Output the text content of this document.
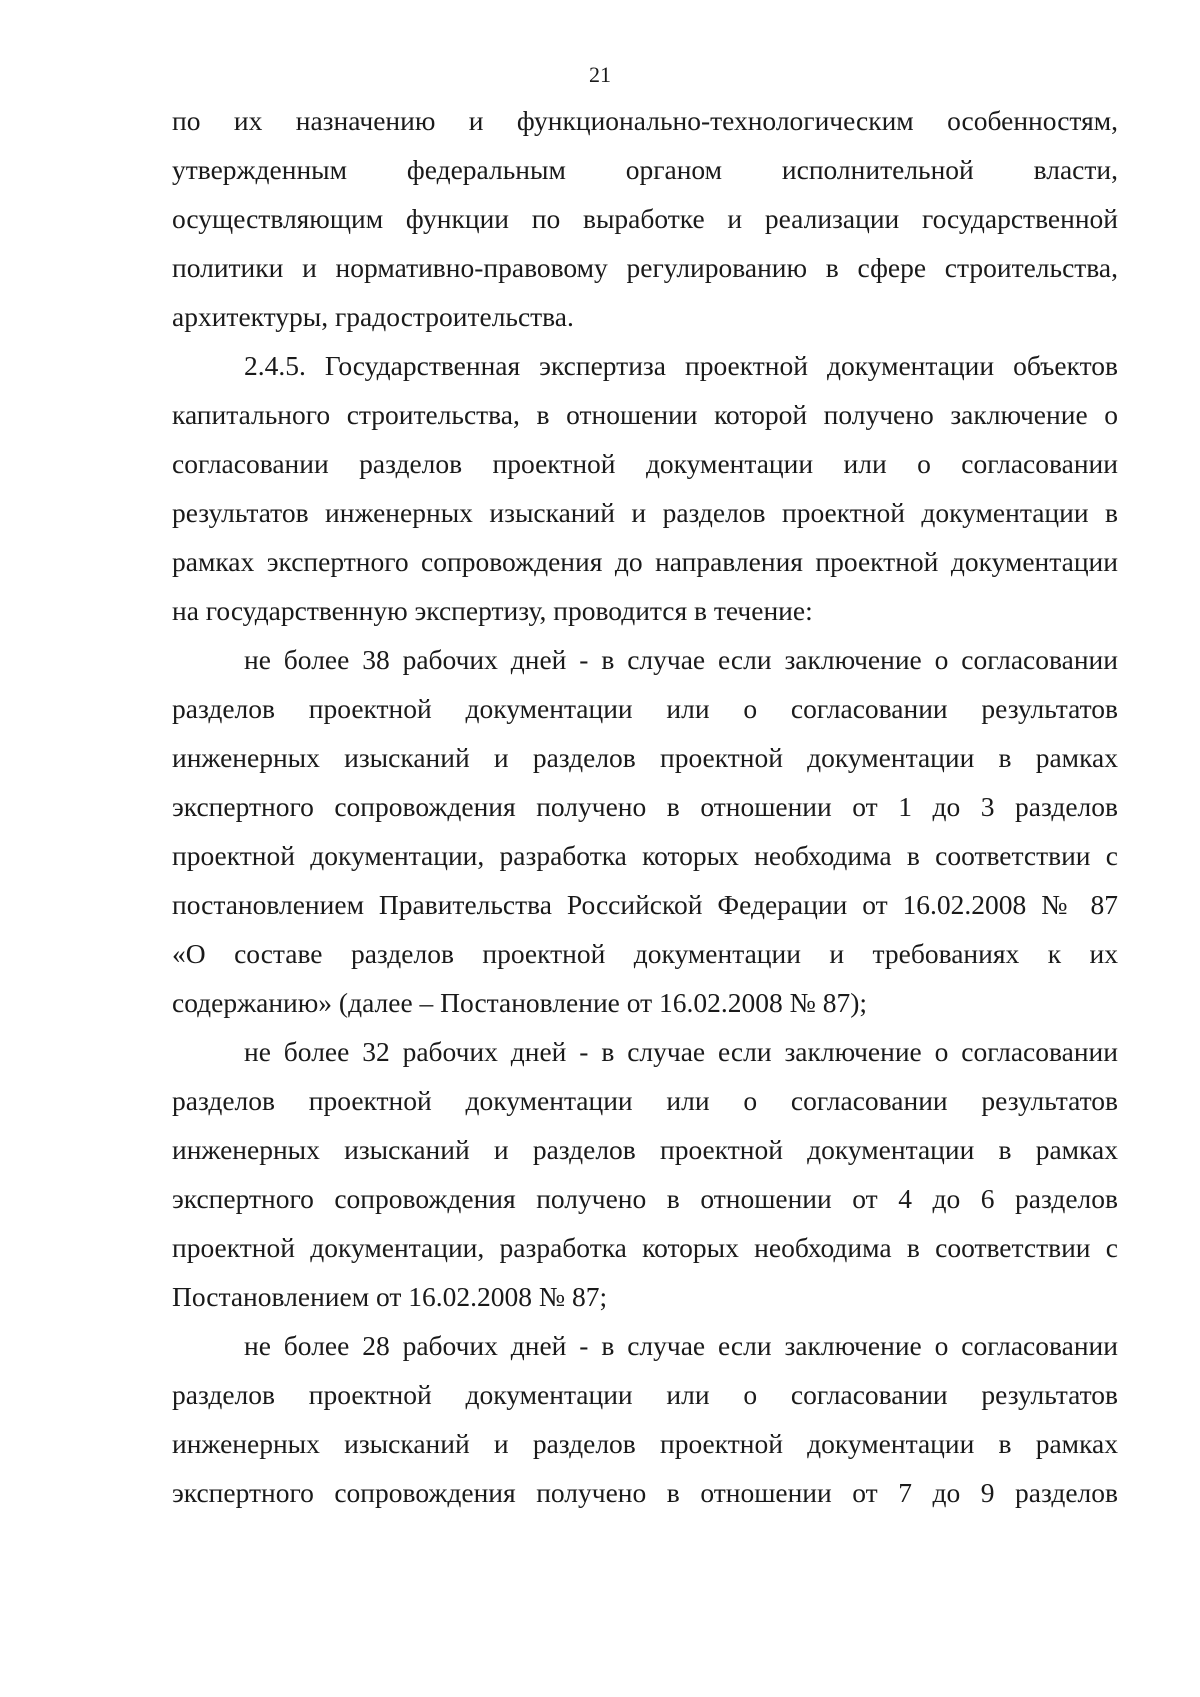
21
по их назначению и функционально-технологическим особенностям,
утвержденным федеральным органом исполнительной власти,
осуществляющим функции по выработке и реализации государственной
политики и нормативно-правовому регулированию в сфере строительства,
архитектуры, градостроительства.
2.4.5. Государственная экспертиза проектной документации объектов
капитального строительства, в отношении которой получено заключение о
согласовании разделов проектной документации или о согласовании
результатов инженерных изысканий и разделов проектной документации в
рамках экспертного сопровождения до направления проектной документации
на государственную экспертизу, проводится в течение:
не более 38 рабочих дней - в случае если заключение о согласовании
разделов проектной документации или о согласовании результатов
инженерных изысканий и разделов проектной документации в рамках
экспертного сопровождения получено в отношении от 1 до 3 разделов
проектной документации, разработка которых необходима в соответствии с
постановлением Правительства Российской Федерации от 16.02.2008 № 87
«О составе разделов проектной документации и требованиях к их
содержанию» (далее – Постановление от 16.02.2008 № 87);
не более 32 рабочих дней - в случае если заключение о согласовании
разделов проектной документации или о согласовании результатов
инженерных изысканий и разделов проектной документации в рамках
экспертного сопровождения получено в отношении от 4 до 6 разделов
проектной документации, разработка которых необходима в соответствии с
Постановлением от 16.02.2008 № 87;
не более 28 рабочих дней - в случае если заключение о согласовании
разделов проектной документации или о согласовании результатов
инженерных изысканий и разделов проектной документации в рамках
экспертного сопровождения получено в отношении от 7 до 9 разделов
